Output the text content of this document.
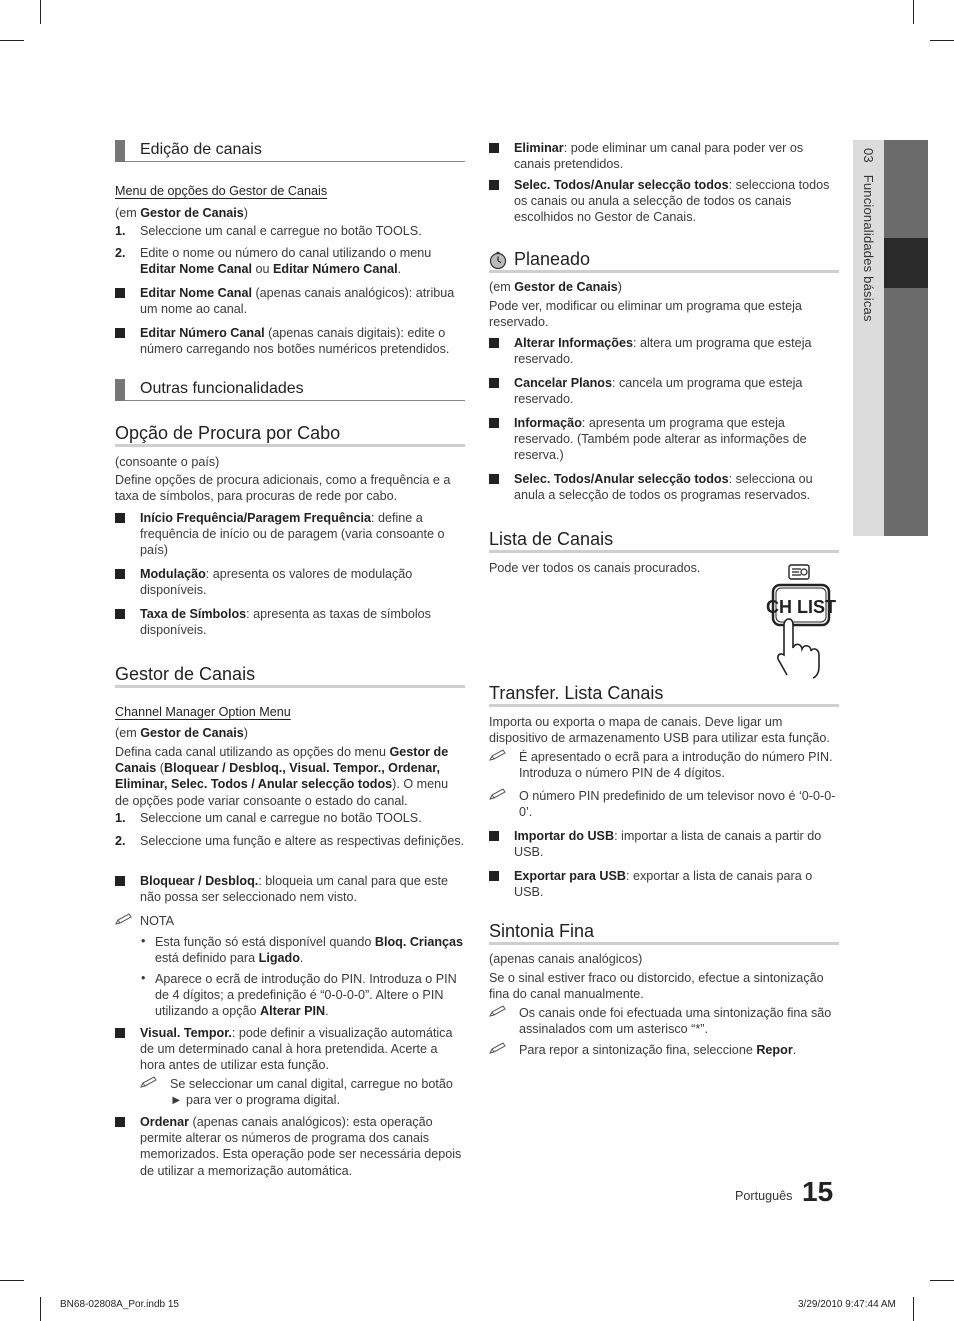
03 Funcionalidades básicas
Edição de canais

Menu de opções do Gestor de Canais

(em Gestor de Canais)

1. Seleccione um canal e carregue no botão TOOLS.

2. Edite o nome ou número do canal utilizando o menu Editar Nome Canal ou Editar Número Canal.

Editar Nome Canal (apenas canais analógicos): atribua um nome ao canal.

Editar Número Canal (apenas canais digitais): edite o número carregando nos botões numéricos pretendidos.

Outras funcionalidades
Opção de Procura por Cabo

(consoante o país)

Define opções de procura adicionais, como a frequência e a taxa de símbolos, para procuras de rede por cabo.

Início Frequência/Paragem Frequência: define a frequência de início ou de paragem (varia consoante o país)

Modulação: apresenta os valores de modulação disponíveis.

Taxa de Símbolos: apresenta as taxas de símbolos disponíveis.

Gestor de Canais

Channel Manager Option Menu

(em Gestor de Canais)

Defina cada canal utilizando as opções do menu Gestor de Canais (Bloquear / Desbloq., Visual. Tempor., Ordenar, Eliminar, Selec. Todos / Anular selecção todos). O menu de opções pode variar consoante o estado do canal.

1. Seleccione um canal e carregue no botão TOOLS.

2. Seleccione uma função e altere as respectivas definições.

Bloquear / Desbloq.: bloqueia um canal para que este não possa ser seleccionado nem visto.

NOTA

• Esta função só está disponível quando Bloq. Crianças está definido para Ligado.

• Aparece o ecrã de introdução do PIN. Introduza o PIN de 4 dígitos; a predefinição é “0-0-0-0”. Altere o PIN utilizando a opção Alterar PIN.

Visual. Tempor.: pode definir a visualização automática de um determinado canal à hora pretendida. Acerte a hora antes de utilizar esta função.

Se seleccionar um canal digital, carregue no botão ► para ver o programa digital.

Ordenar (apenas canais analógicos): esta operação permite alterar os números de programa dos canais memorizados. Esta operação pode ser necessária depois de utilizar a memorização automática.

Eliminar: pode eliminar um canal para poder ver os canais pretendidos.

Selec. Todos/Anular selecção todos: selecciona todos os canais ou anula a selecção de todos os canais escolhidos no Gestor de Canais.

Planeado

(em Gestor de Canais)

Pode ver, modificar ou eliminar um programa que esteja reservado.

Alterar Informações: altera um programa que esteja reservado.

Cancelar Planos: cancela um programa que esteja reservado.

Informação: apresenta um programa que esteja reservado. (Também pode alterar as informações de reserva.)

Selec. Todos/Anular selecção todos: selecciona ou anula a selecção de todos os programas reservados.

Lista de Canais

Pode ver todos os canais procurados.

CH LIST
Transfer. Lista Canais

Importa ou exporta o mapa de canais. Deve ligar um dispositivo de armazenamento USB para utilizar esta função.

É apresentado o ecrã para a introdução do número PIN. Introduza o número PIN de 4 dígitos.

O número PIN predefinido de um televisor novo é ‘0-0-0-0’.

Importar do USB: importar a lista de canais a partir do USB.

Exportar para USB: exportar a lista de canais para o USB.

Sintonia Fina

(apenas canais analógicos)

Se o sinal estiver fraco ou distorcido, efectue a sintonização fina do canal manualmente.

Os canais onde foi efectuada uma sintonização fina são assinalados com um asterisco “*”.

Para repor a sintonização fina, seleccione Repor.

Português 15
BN68-02808A_Por.indb 15	3/29/2010 9:47:44 AM
